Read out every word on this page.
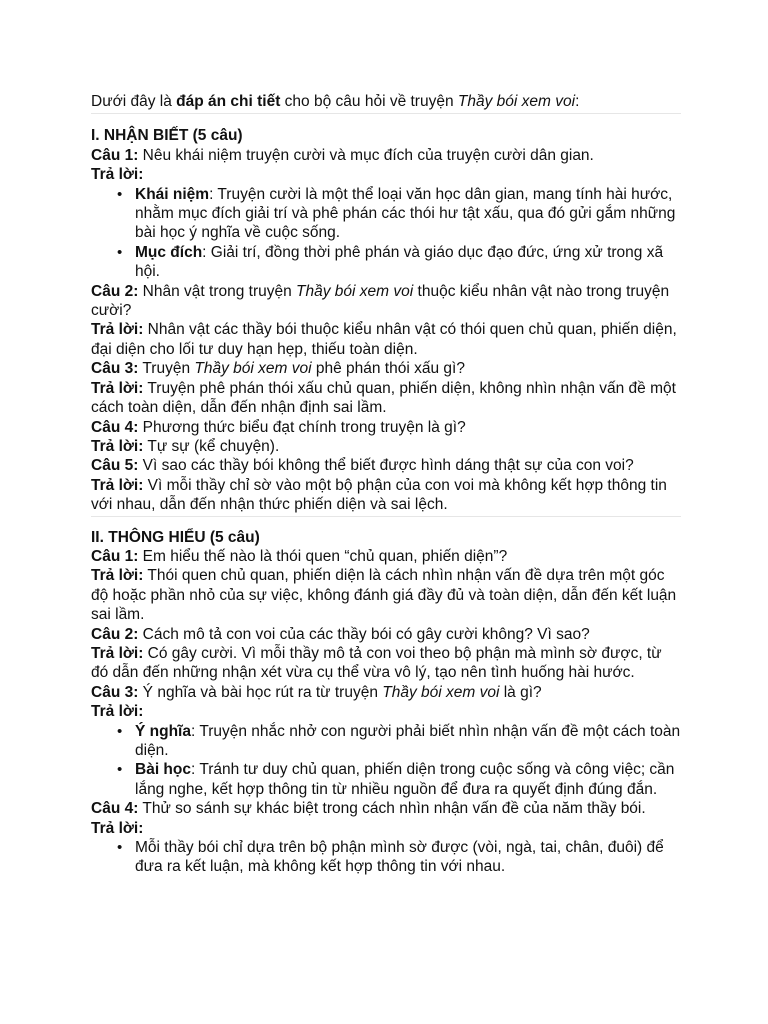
Dưới đây là đáp án chi tiết cho bộ câu hỏi về truyện Thầy bói xem voi:

I. NHẬN BIẾT (5 câu)

Câu 1: Nêu khái niệm truyện cười và mục đích của truyện cười dân gian.

Trả lời:

• Khái niệm: Truyện cười là một thể loại văn học dân gian, mang tính hài hước, nhằm mục đích giải trí và phê phán các thói hư tật xấu, qua đó gửi gắm những bài học ý nghĩa về cuộc sống.
• Mục đích: Giải trí, đồng thời phê phán và giáo dục đạo đức, ứng xử trong xã hội.

Câu 2: Nhân vật trong truyện Thầy bói xem voi thuộc kiểu nhân vật nào trong truyện cười?

Trả lời: Nhân vật các thầy bói thuộc kiểu nhân vật có thói quen chủ quan, phiến diện, đại diện cho lối tư duy hạn hẹp, thiếu toàn diện.

Câu 3: Truyện Thầy bói xem voi phê phán thói xấu gì?

Trả lời: Truyện phê phán thói xấu chủ quan, phiến diện, không nhìn nhận vấn đề một cách toàn diện, dẫn đến nhận định sai lầm.

Câu 4: Phương thức biểu đạt chính trong truyện là gì?

Trả lời: Tự sự (kể chuyện).

Câu 5: Vì sao các thầy bói không thể biết được hình dáng thật sự của con voi?

Trả lời: Vì mỗi thầy chỉ sờ vào một bộ phận của con voi mà không kết hợp thông tin với nhau, dẫn đến nhận thức phiến diện và sai lệch.

II. THÔNG HIỂU (5 câu)

Câu 1: Em hiểu thế nào là thói quen “chủ quan, phiến diện”?

Trả lời: Thói quen chủ quan, phiến diện là cách nhìn nhận vấn đề dựa trên một góc độ hoặc phần nhỏ của sự việc, không đánh giá đầy đủ và toàn diện, dẫn đến kết luận sai lầm.

Câu 2: Cách mô tả con voi của các thầy bói có gây cười không? Vì sao?

Trả lời: Có gây cười. Vì mỗi thầy mô tả con voi theo bộ phận mà mình sờ được, từ đó dẫn đến những nhận xét vừa cụ thể vừa vô lý, tạo nên tình huống hài hước.

Câu 3: Ý nghĩa và bài học rút ra từ truyện Thầy bói xem voi là gì?

Trả lời:

• Ý nghĩa: Truyện nhắc nhở con người phải biết nhìn nhận vấn đề một cách toàn diện.
• Bài học: Tránh tư duy chủ quan, phiến diện trong cuộc sống và công việc; cần lắng nghe, kết hợp thông tin từ nhiều nguồn để đưa ra quyết định đúng đắn.

Câu 4: Thử so sánh sự khác biệt trong cách nhìn nhận vấn đề của năm thầy bói.

Trả lời:

• Mỗi thầy bói chỉ dựa trên bộ phận mình sờ được (vòi, ngà, tai, chân, đuôi) để đưa ra kết luận, mà không kết hợp thông tin với nhau.
